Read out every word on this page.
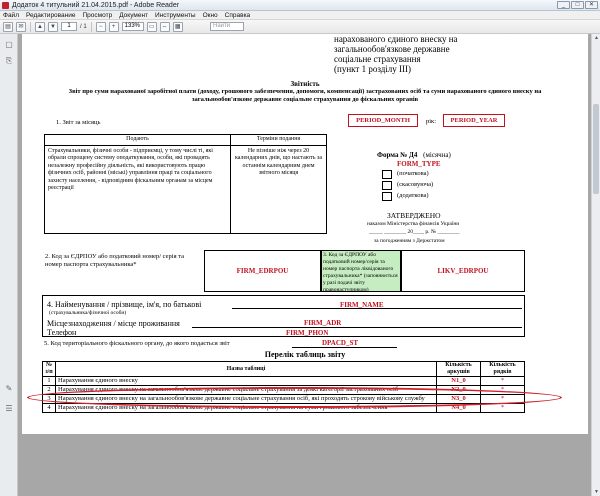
Додаток 4 титульний 21.04.2015.pdf - Adobe Reader	_	□	✕
Файл Редактирование Просмотр Документ Инструменты Окно Справка
▤	✉	▲	▼	1	/ 1	−	+	133%	▭	⇔	▦	Найти
▢
⎘
✎
☰
нарахованого єдиного внеску на
загальнообов'язкове державне
соціальне страхування
(пункт 1 розділу ІІІ)
Звітність
Звіт про суми нарахованої заробітної плати (доходу, грошового забезпечення, допомоги, компенсації) застрахованих осіб та суми нарахованого єдиного внеску на загальнообов'язкове державне соціальне страхування до фіскальних органів
1. Звіт за місяць	PERIOD_MONTH	рік:	PERIOD_YEAR
Подають	Терміни подання
Страхувальники, фізичні особи - підприємці, у тому числі ті, які обрали спрощену систему оподаткування, особи, які провадять незалежну професійну діяльність, які використовують працю фізичних осіб, районні (міські) управління праці та соціального захисту населення, - відповідним фіскальним органам за місцем реєстрації	Не пізніше ніж через 20 календарних днів, що настають за останнім календарним днем звітного місяця
Форма № Д4 (місячна)
FORM_TYPE
(початкова)
(скасовуюча)
(додаткова)
ЗАТВЕРДЖЕНО
наказом Міністерства фінансів України
_____ ________ 20____ р. № ________
за погодженням з Держстатом
2. Код за ЄДРПОУ або податковий номер/ серія та номер паспорта страхувальника*
FIRM_EDRPOU
3. Код за ЄДРПОУ або податковий номер/серія та номер паспорта ліквідованого страхувальника* (заповнюється у разі подачі звіту правонаступником)
LIKV_EDRPOU
4. Найменування / прізвище, ім'я, по батькові	FIRM_NAME
(страхувальника/фізичної особи)
Місцезнаходження / місце проживання	FIRM_ADR
Телефон	FIRM_PHON
5. Код територіального фіскального органу, до якого подається звіт	DPACD_ST
Перелік таблиць звіту
№ з/п	Назва таблиці	Кількість аркушів	Кількість рядків
1	Нарахування єдиного внеску	N1_0	*
2	Нарахування єдиного внеску на загальнообов'язкове державне соціальне страхування за деякі категорії застрахованих осіб	N2_0	*
3	Нарахування єдиного внеску на загальнообов'язкове державне соціальне страхування осіб, які проходять строкову військову службу	N3_0	*
4	Нарахування єдиного внеску на загальнообов'язкове державне соціальне страхування на суми грошового забезпечення	N4_0	*
▲
▼
